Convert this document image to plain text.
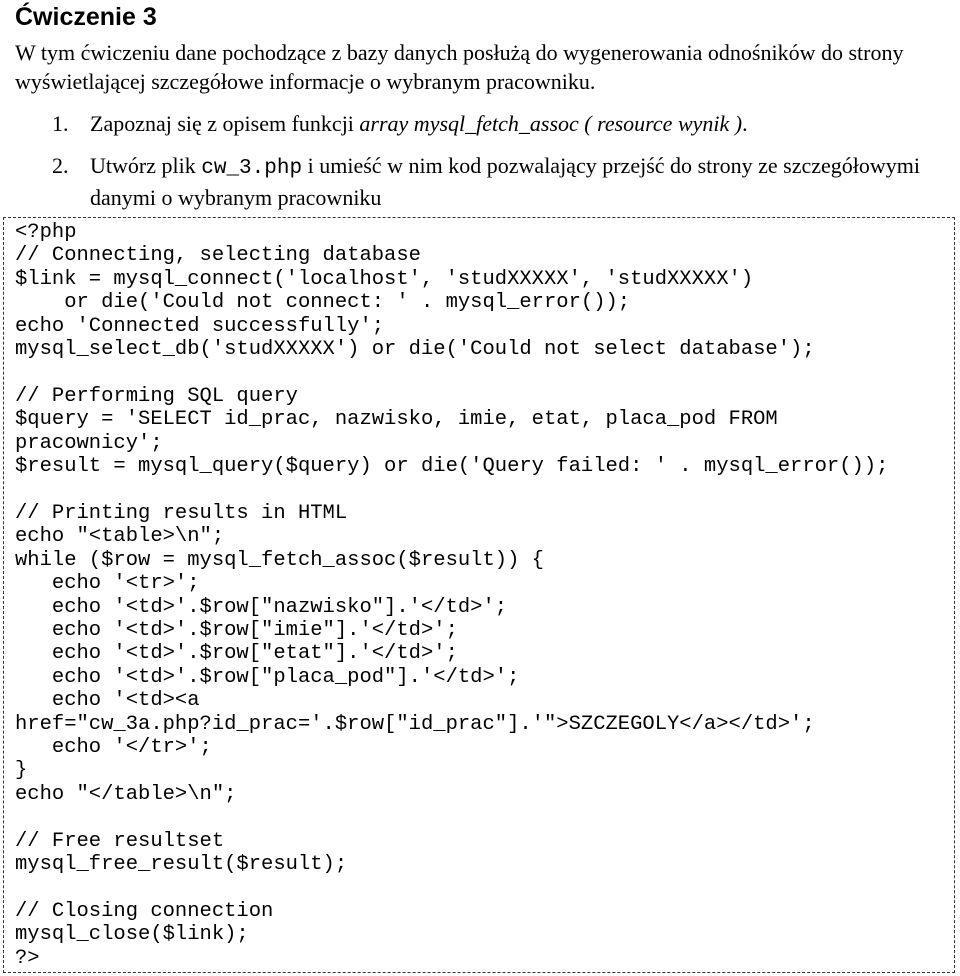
Ćwiczenie 3

W tym ćwiczeniu dane pochodzące z bazy danych posłużą do wygenerowania odnośników do strony wyświetlającej szczegółowe informacje o wybranym pracowniku.

1. Zapoznaj się z opisem funkcji array mysql_fetch_assoc ( resource wynik ).
2. Utwórz plik cw_3.php i umieść w nim kod pozwalający przejść do strony ze szczegółowymi danymi o wybranym pracowniku
<?php
// Connecting, selecting database
$link = mysql_connect('localhost', 'studXXXXX', 'studXXXXX')
or die('Could not connect: ' . mysql_error());
echo 'Connected successfully';
mysql_select_db('studXXXXX') or die('Could not select database');

// Performing SQL query
$query = 'SELECT id_prac, nazwisko, imie, etat, placa_pod FROM
pracownicy';
$result = mysql_query($query) or die('Query failed: ' . mysql_error());

// Printing results in HTML
echo "<table>\n";
while ($row = mysql_fetch_assoc($result)) {
echo '<tr>';
echo '<td>'.$row["nazwisko"].'</td>';
echo '<td>'.$row["imie"].'</td>';
echo '<td>'.$row["etat"].'</td>';
echo '<td>'.$row["placa_pod"].'</td>';
echo '<td><a
href="cw_3a.php?id_prac='.$row["id_prac"].'">SZCZEGOLY</a></td>';
echo '</tr>';
}
echo "</table>\n";

// Free resultset
mysql_free_result($result);

// Closing connection
mysql_close($link);
?>
